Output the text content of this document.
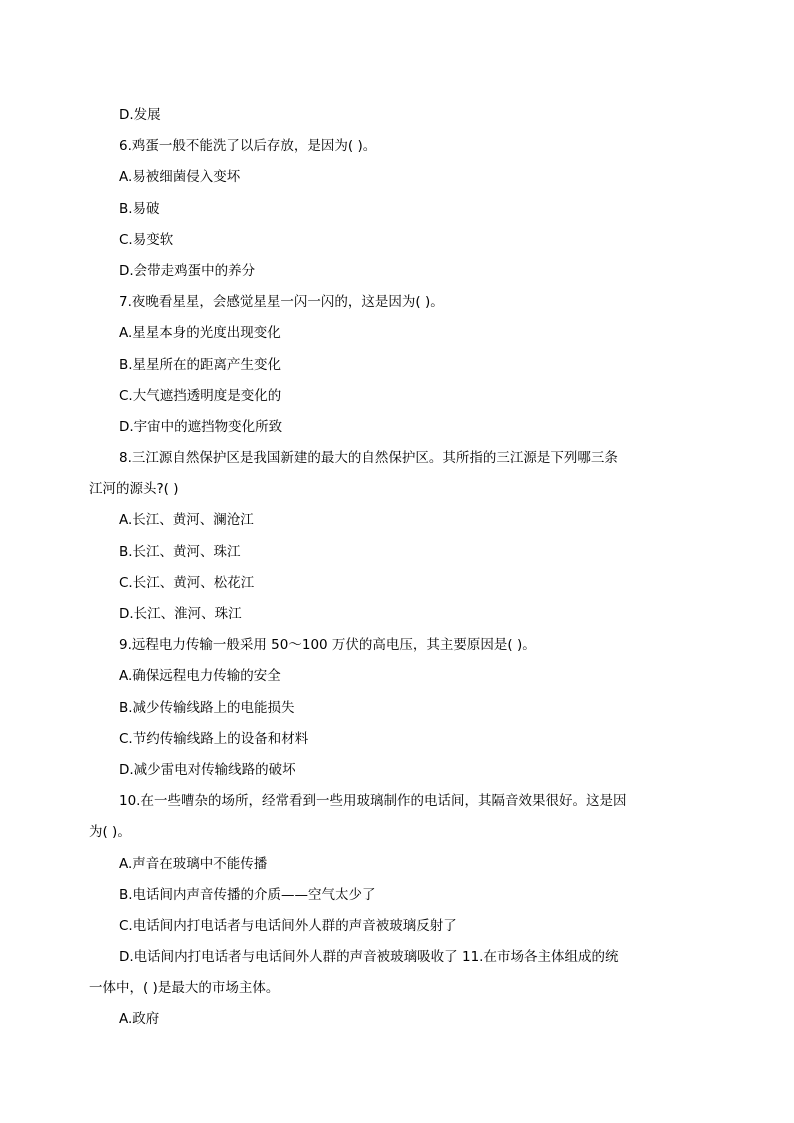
D.发展
6.鸡蛋一般不能洗了以后存放，是因为( )。
A.易被细菌侵入变坏
B.易破
C.易变软
D.会带走鸡蛋中的养分
7.夜晚看星星，会感觉星星一闪一闪的，这是因为( )。
A.星星本身的光度出现变化
B.星星所在的距离产生变化
C.大气遮挡透明度是变化的
D.宇宙中的遮挡物变化所致
8.三江源自然保护区是我国新建的最大的自然保护区。其所指的三江源是下列哪三条
江河的源头?( )
A.长江、黄河、澜沧江
B.长江、黄河、珠江
C.长江、黄河、松花江
D.长江、淮河、珠江
9.远程电力传输一般采用 50～100 万伏的高电压，其主要原因是( )。
A.确保远程电力传输的安全
B.减少传输线路上的电能损失
C.节约传输线路上的设备和材料
D.减少雷电对传输线路的破坏
10.在一些嘈杂的场所，经常看到一些用玻璃制作的电话间，其隔音效果很好。这是因
为( )。
A.声音在玻璃中不能传播
B.电话间内声音传播的介质——空气太少了
C.电话间内打电话者与电话间外人群的声音被玻璃反射了
D.电话间内打电话者与电话间外人群的声音被玻璃吸收了 11.在市场各主体组成的统
一体中，( )是最大的市场主体。
A.政府
